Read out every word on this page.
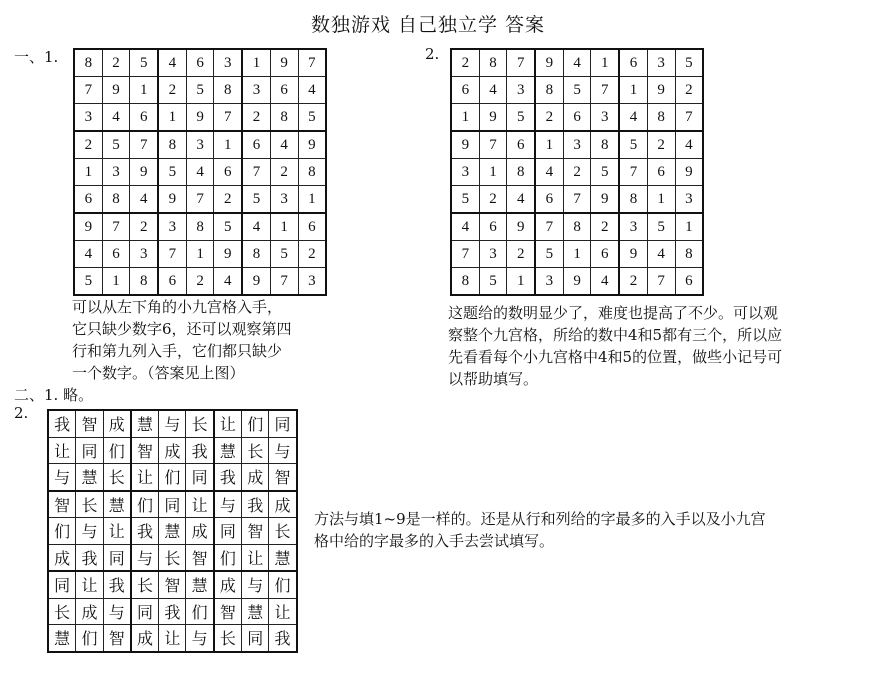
数独游戏 自己独立学 答案
一、1. 8	2	5	4	6	3	1	9	7
7	9	1	2	5	8	3	6	4
3	4	6	1	9	7	2	8	5
2	5	7	8	3	1	6	4	9
1	3	9	5	4	6	7	2	8
6	8	4	9	7	2	5	3	1
9	7	2	3	8	5	4	1	6
4	6	3	7	1	9	8	5	2
5	1	8	6	2	4	9	7	3
可以从左下角的小九宫格入手，
它只缺少数字6，还可以观察第四
行和第九列入手，它们都只缺少
一个数字。（答案见上图）
2. 2	8	7	9	4	1	6	3	5
6	4	3	8	5	7	1	9	2
1	9	5	2	6	3	4	8	7
9	7	6	1	3	8	5	2	4
3	1	8	4	2	5	7	6	9
5	2	4	6	7	9	8	1	3
4	6	9	7	8	2	3	5	1
7	3	2	5	1	6	9	4	8
8	5	1	3	9	4	2	7	6
这题给的数明显少了，难度也提高了不少。可以观
察整个九宫格，所给的数中4和5都有三个，所以应
先看看每个小九宫格中4和5的位置，做些小记号可
以帮助填写。
二、1. 略。
2.
我	智	成	慧	与	长	让	们	同
让	同	们	智	成	我	慧	长	与
与	慧	长	让	们	同	我	成	智
智	长	慧	们	同	让	与	我	成
们	与	让	我	慧	成	同	智	长
成	我	同	与	长	智	们	让	慧
同	让	我	长	智	慧	成	与	们
长	成	与	同	我	们	智	慧	让
慧	们	智	成	让	与	长	同	我
方法与填1~9是一样的。还是从行和列给的字最多的入手以及小九宫
格中给的字最多的入手去尝试填写。
